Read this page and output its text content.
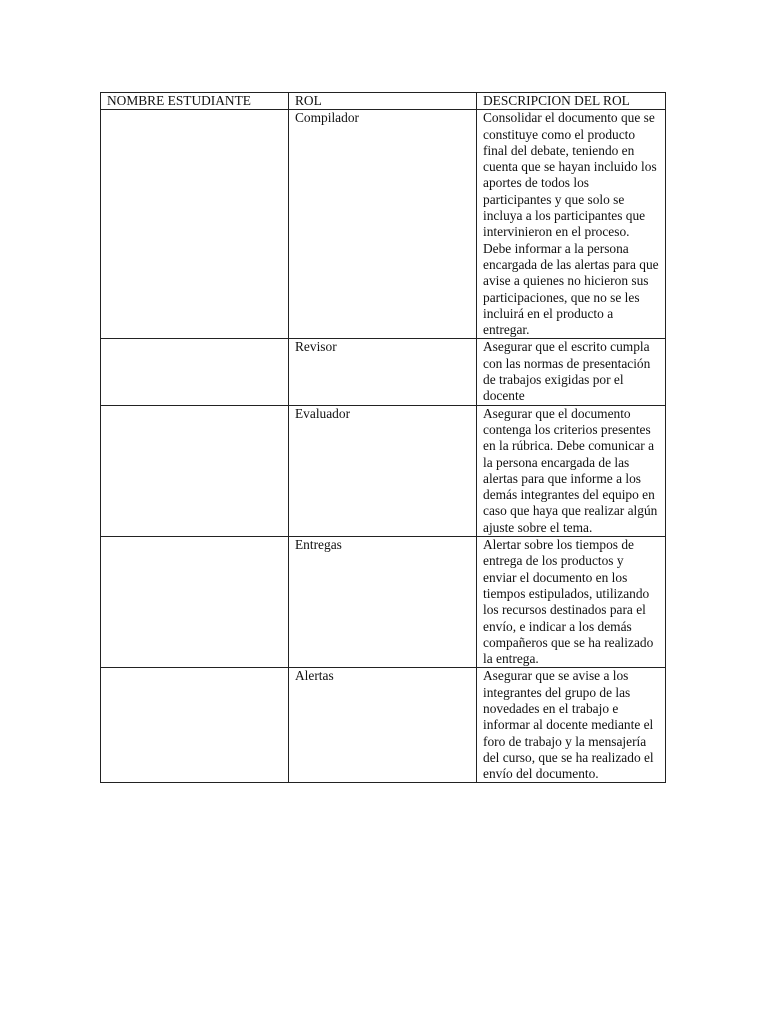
NOMBRE ESTUDIANTE	ROL	DESCRIPCION DEL ROL
	Compilador	Consolidar el documento que se constituye como el producto final del debate, teniendo en cuenta que se hayan incluido los aportes de todos los participantes y que solo se incluya a los participantes que intervinieron en el proceso. Debe informar a la persona encargada de las alertas para que avise a quienes no hicieron sus participaciones, que no se les incluirá en el producto a entregar.
	Revisor	Asegurar que el escrito cumpla con las normas de presentación de trabajos exigidas por el docente
	Evaluador	Asegurar que el documento contenga los criterios presentes en la rúbrica. Debe comunicar a la persona encargada de las alertas para que informe a los demás integrantes del equipo en caso que haya que realizar algún ajuste sobre el tema.
	Entregas	Alertar sobre los tiempos de entrega de los productos y enviar el documento en los tiempos estipulados, utilizando los recursos destinados para el envío, e indicar a los demás compañeros que se ha realizado la entrega.
	Alertas	Asegurar que se avise a los integrantes del grupo de las novedades en el trabajo e informar al docente mediante el foro de trabajo y la mensajería del curso, que se ha realizado el envío del documento.
